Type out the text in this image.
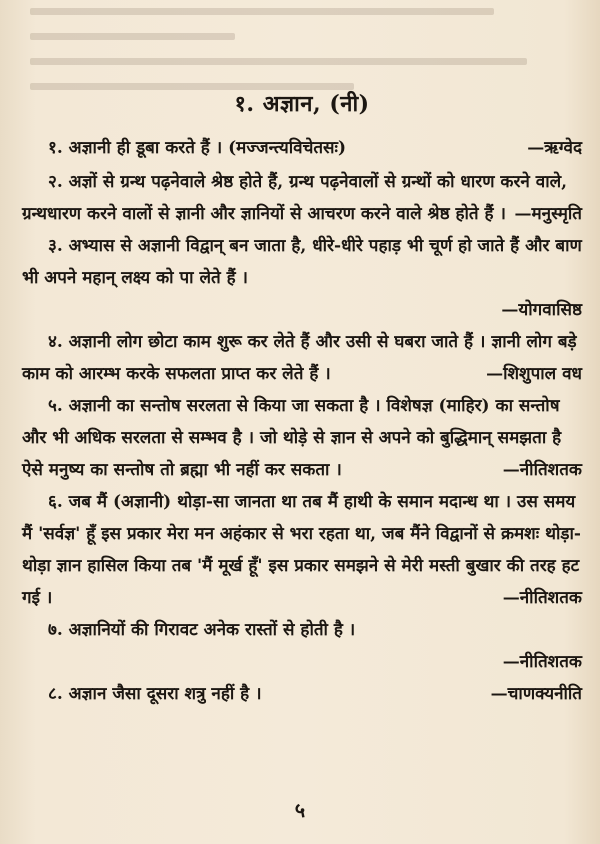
१. अज्ञान, (नी)

१. अज्ञानी ही डूबा करते हैं । (मज्जन्त्यविचेतसः)	—ऋग्वेद

२. अज्ञों से ग्रन्थ पढ़नेवाले श्रेष्ठ होते हैं, ग्रन्थ पढ़नेवालों से ग्रन्थों को धारण करने वाले, ग्रन्थधारण करने वालों से ज्ञानी और ज्ञानियों से आचरण करने वाले श्रेष्ठ होते हैं । —मनुस्मृति

३. अभ्यास से अज्ञानी विद्वान् बन जाता है, धीरे-धीरे पहाड़ भी चूर्ण हो जाते हैं और बाण भी अपने महान् लक्ष्य को पा लेते हैं ।

—योगवासिष्ठ

४. अज्ञानी लोग छोटा काम शुरू कर लेते हैं और उसी से घबरा जाते हैं । ज्ञानी लोग बड़े काम को आरम्भ करके सफलता प्राप्त कर लेते हैं ।	—शिशुपाल वध

५. अज्ञानी का सन्तोष सरलता से किया जा सकता है । विशेषज्ञ (माहिर) का सन्तोष और भी अधिक सरलता से सम्भव है । जो थोड़े से ज्ञान से अपने को बुद्धिमान् समझता है ऐसे मनुष्य का सन्तोष तो ब्रह्मा भी नहीं कर सकता ।	—नीतिशतक

६. जब मैं (अज्ञानी) थोड़ा-सा जानता था तब मैं हाथी के समान मदान्ध था । उस समय मैं 'सर्वज्ञ' हूँ इस प्रकार मेरा मन अहंकार से भरा रहता था, जब मैंने विद्वानों से क्रमशः थोड़ा-थोड़ा ज्ञान हासिल किया तब 'मैं मूर्ख हूँ' इस प्रकार समझने से मेरी मस्ती बुखार की तरह हट गई ।	—नीतिशतक

७. अज्ञानियों की गिरावट अनेक रास्तों से होती है ।

—नीतिशतक

८. अज्ञान जैसा दूसरा शत्रु नहीं है ।	—चाणक्यनीति

५
